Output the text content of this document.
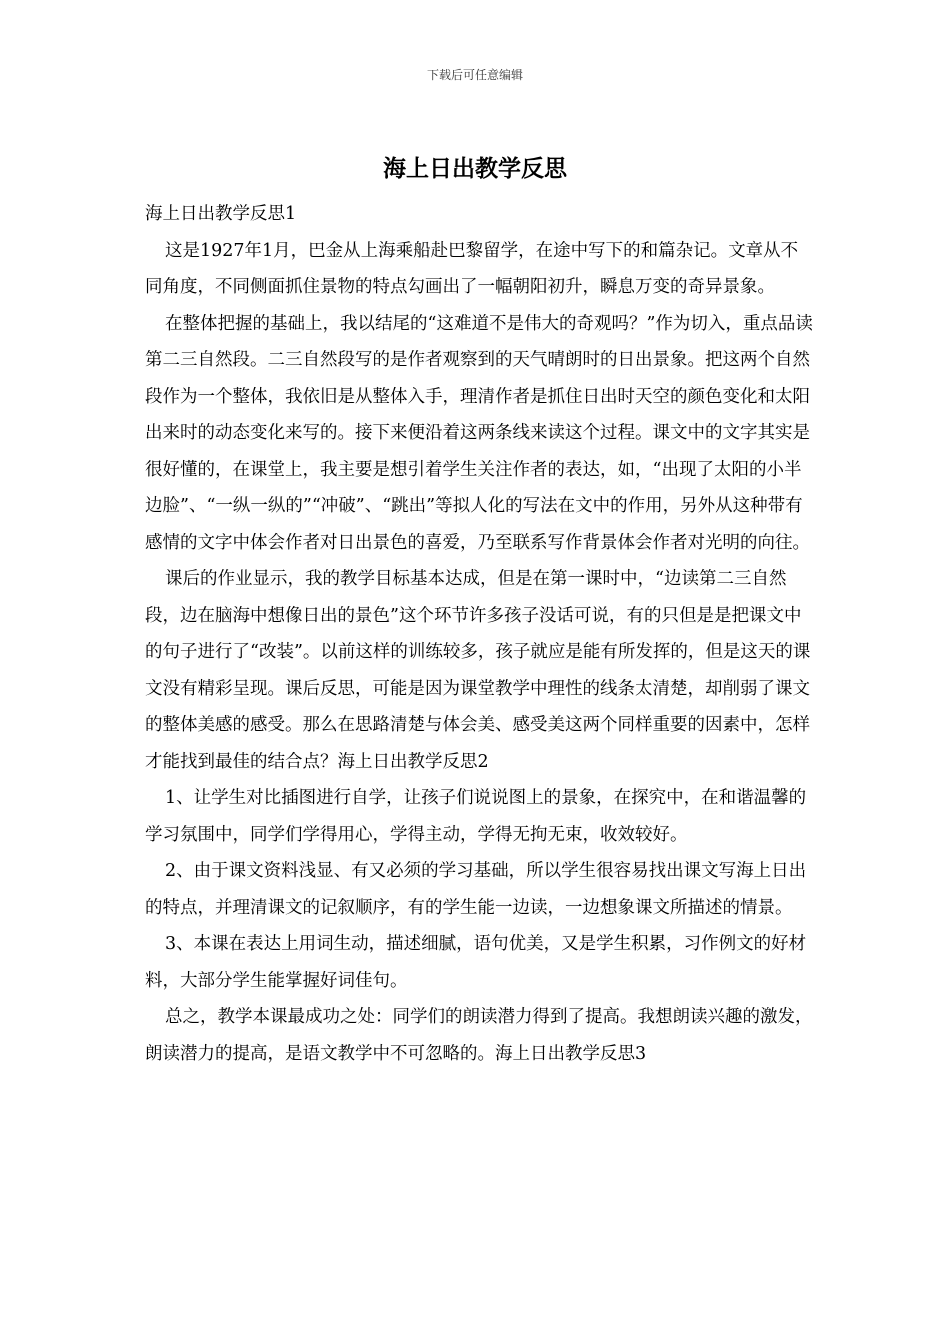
下载后可任意编辑
海上日出教学反思

海上日出教学反思1

这是1927年1月，巴金从上海乘船赴巴黎留学，在途中写下的和篇杂记。文章从不同角度，不同侧面抓住景物的特点勾画出了一幅朝阳初升，瞬息万变的奇异景象。

在整体把握的基础上，我以结尾的“这难道不是伟大的奇观吗？”作为切入，重点品读第二三自然段。二三自然段写的是作者观察到的天气晴朗时的日出景象。把这两个自然段作为一个整体，我依旧是从整体入手，理清作者是抓住日出时天空的颜色变化和太阳出来时的动态变化来写的。接下来便沿着这两条线来读这个过程。课文中的文字其实是很好懂的，在课堂上，我主要是想引着学生关注作者的表达，如，“出现了太阳的小半边脸”、“一纵一纵的”“冲破”、“跳出”等拟人化的写法在文中的作用，另外从这种带有感情的文字中体会作者对日出景色的喜爱，乃至联系写作背景体会作者对光明的向往。

课后的作业显示，我的教学目标基本达成，但是在第一课时中，“边读第二三自然段，边在脑海中想像日出的景色”这个环节许多孩子没话可说，有的只但是是把课文中的句子进行了“改装”。以前这样的训练较多，孩子就应是能有所发挥的，但是这天的课文没有精彩呈现。课后反思，可能是因为课堂教学中理性的线条太清楚，却削弱了课文的整体美感的感受。那么在思路清楚与体会美、感受美这两个同样重要的因素中，怎样才能找到最佳的结合点？海上日出教学反思2

1、让学生对比插图进行自学，让孩子们说说图上的景象，在探究中，在和谐温馨的学习氛围中，同学们学得用心，学得主动，学得无拘无束，收效较好。

2、由于课文资料浅显、有又必须的学习基础，所以学生很容易找出课文写海上日出的特点，并理清课文的记叙顺序，有的学生能一边读，一边想象课文所描述的情景。

3、本课在表达上用词生动，描述细腻，语句优美，又是学生积累，习作例文的好材料，大部分学生能掌握好词佳句。

总之，教学本课最成功之处：同学们的朗读潜力得到了提高。我想朗读兴趣的激发，朗读潜力的提高，是语文教学中不可忽略的。海上日出教学反思3
